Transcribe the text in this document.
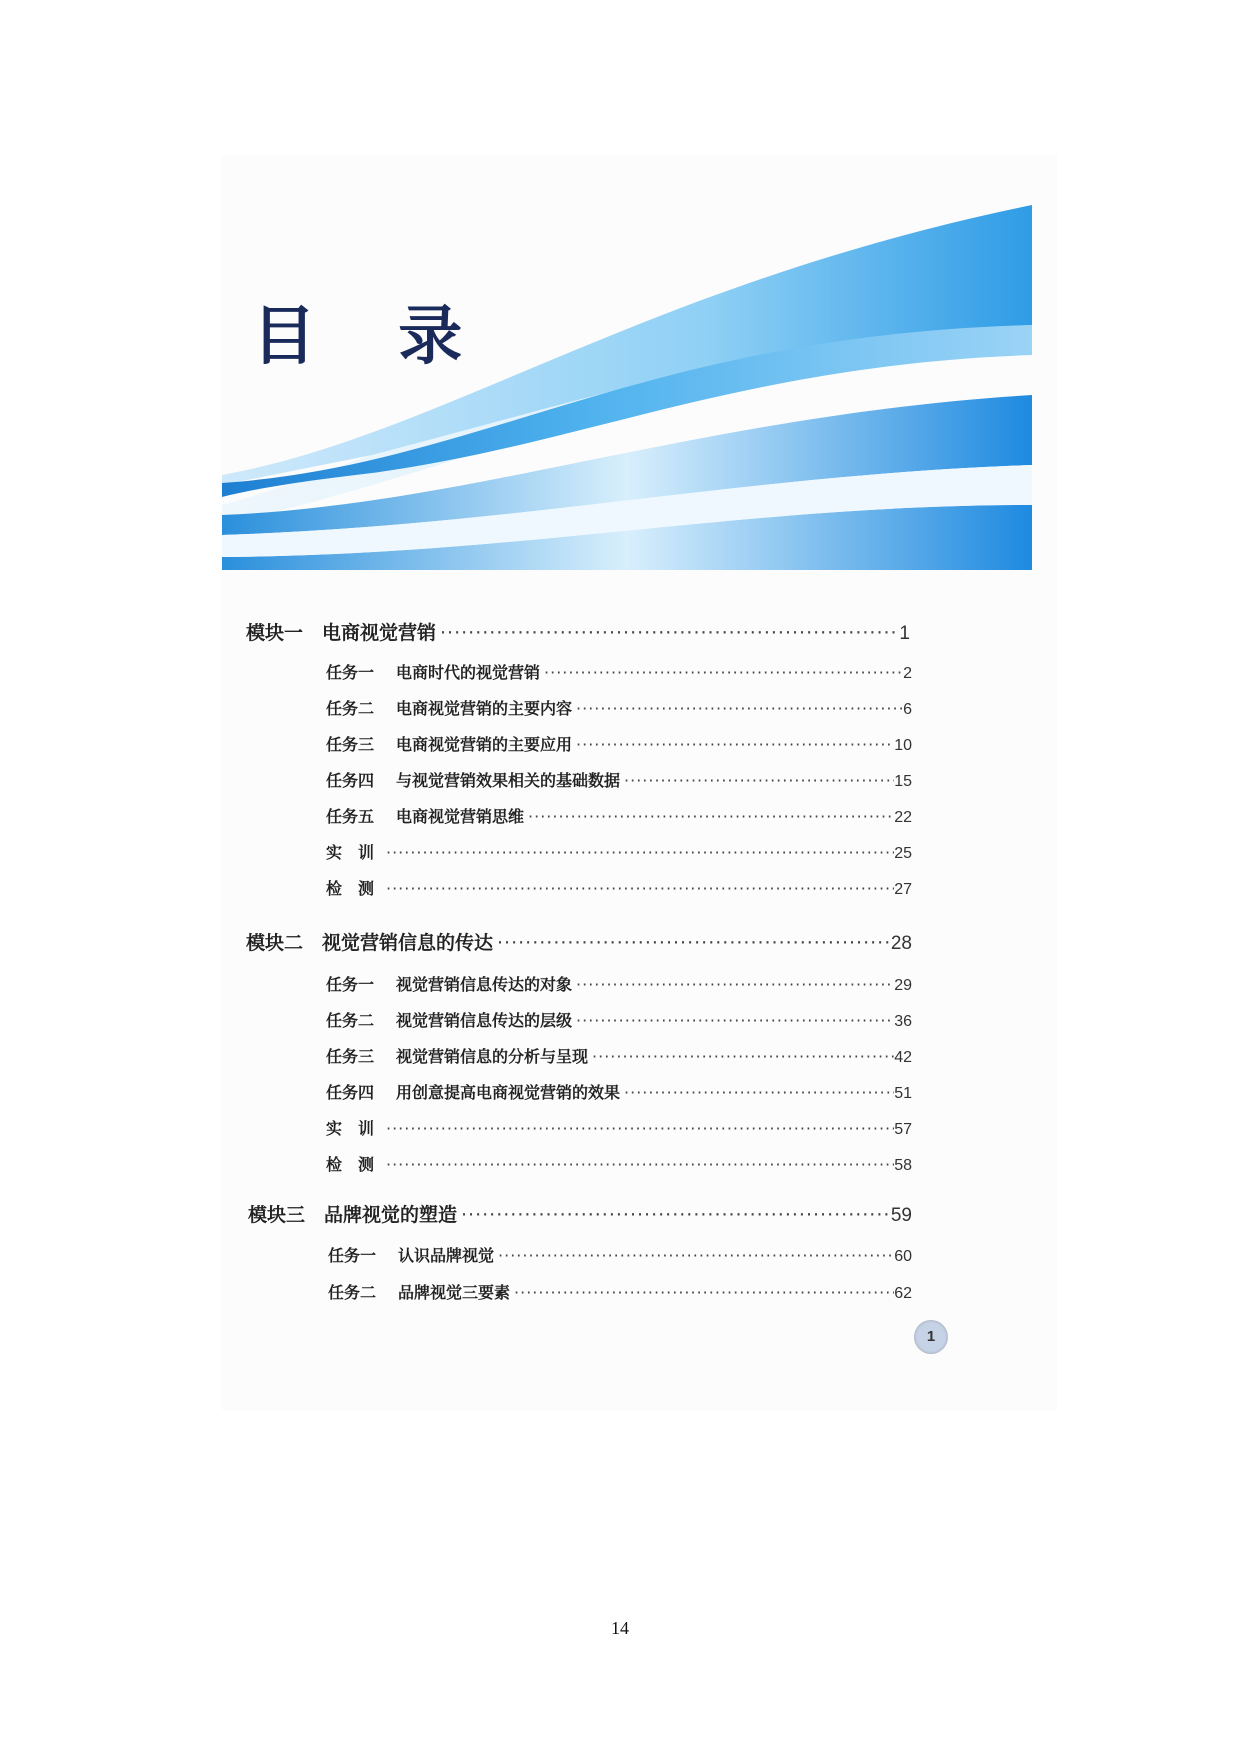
目 录
模块一 电商视觉营销 ·····	1
任务一	电商时代的视觉营销 ·····	2
任务二	电商视觉营销的主要内容 ·····	6
任务三	电商视觉营销的主要应用 ·····	10
任务四	与视觉营销效果相关的基础数据 ·····	15
任务五	电商视觉营销思维 ·····	22
实　训 ·····	25
检　测 ·····	27
模块二 视觉营销信息的传达 ·····	28
任务一	视觉营销信息传达的对象 ·····	29
任务二	视觉营销信息传达的层级 ·····	36
任务三	视觉营销信息的分析与呈现 ·····	42
任务四	用创意提高电商视觉营销的效果 ·····	51
实　训 ·····	57
检　测 ·····	58
模块三 品牌视觉的塑造 ·····	59
任务一	认识品牌视觉 ·····	60
任务二	品牌视觉三要素 ·····	62
1
14
